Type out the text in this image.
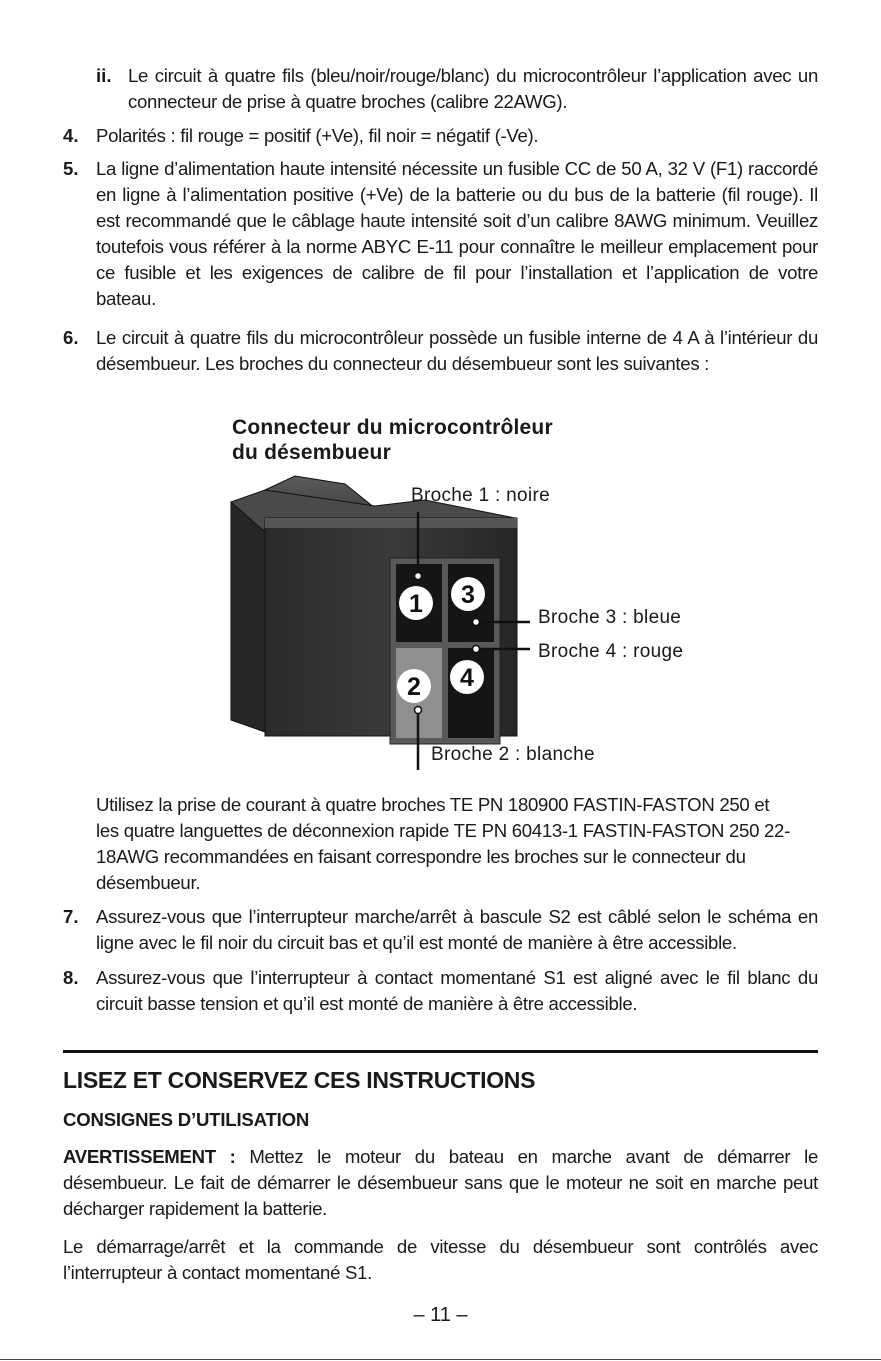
ii. Le circuit à quatre fils (bleu/noir/rouge/blanc) du microcontrôleur l’application avec un connecteur de prise à quatre broches (calibre 22AWG).
4. Polarités : fil rouge = positif (+Ve), fil noir = négatif (-Ve).
5. La ligne d’alimentation haute intensité nécessite un fusible CC de 50 A, 32 V (F1) raccordé en ligne à l’alimentation positive (+Ve) de la batterie ou du bus de la batterie (fil rouge). Il est recommandé que le câblage haute intensité soit d’un calibre 8AWG minimum. Veuillez toutefois vous référer à la norme ABYC E-11 pour connaître le meilleur emplacement pour ce fusible et les exigences de calibre de fil pour l’installation et l’application de votre bateau.
6. Le circuit à quatre fils du microcontrôleur possède un fusible interne de 4 A à l’intérieur du désembueur. Les broches du connecteur du désembueur sont les suivantes :
Connecteur du microcontrôleur
du désembueur
1 3
2 4
Broche 1 : noire
Broche 3 : bleue
Broche 4 : rouge
Broche 2 : blanche
Utilisez la prise de courant à quatre broches TE PN 180900 FASTIN-FASTON 250 et les quatre languettes de déconnexion rapide TE PN 60413-1 FASTIN-FASTON 250 22-18AWG recommandées en faisant correspondre les broches sur le connecteur du désembueur.
7. Assurez-vous que l’interrupteur marche/arrêt à bascule S2 est câblé selon le schéma en ligne avec le fil noir du circuit bas et qu’il est monté de manière à être accessible.
8. Assurez-vous que l’interrupteur à contact momentané S1 est aligné avec le fil blanc du circuit basse tension et qu’il est monté de manière à être accessible.
LISEZ ET CONSERVEZ CES INSTRUCTIONS
CONSIGNES D’UTILISATION
AVERTISSEMENT : Mettez le moteur du bateau en marche avant de démarrer le désembueur. Le fait de démarrer le désembueur sans que le moteur ne soit en marche peut décharger rapidement la batterie.
Le démarrage/arrêt et la commande de vitesse du désembueur sont contrôlés avec l’interrupteur à contact momentané S1.
– 11 –
